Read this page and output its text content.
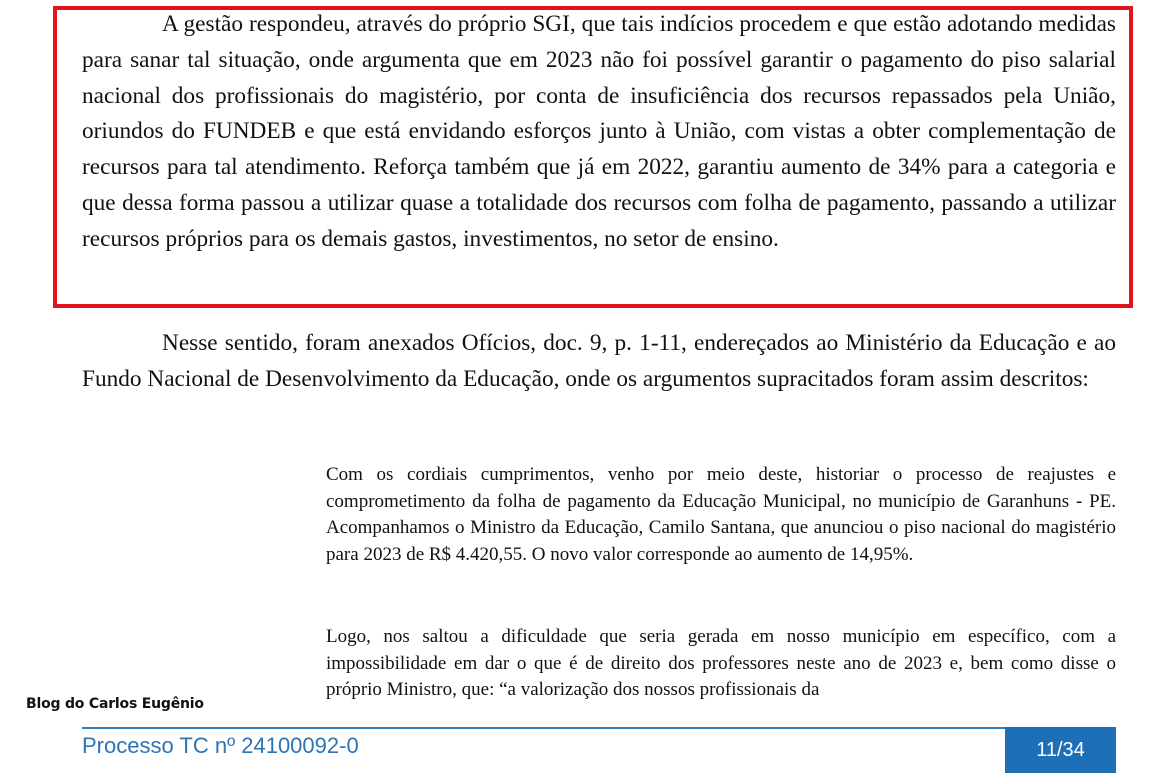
A gestão respondeu, através do próprio SGI, que tais indícios procedem e que estão adotando medidas para sanar tal situação, onde argumenta que em 2023 não foi possível garantir o pagamento do piso salarial nacional dos profissionais do magistério, por conta de insuficiência dos recursos repassados pela União, oriundos do FUNDEB e que está envidando esforços junto à União, com vistas a obter complementação de recursos para tal atendimento. Reforça também que já em 2022, garantiu aumento de 34% para a categoria e que dessa forma passou a utilizar quase a totalidade dos recursos com folha de pagamento, passando a utilizar recursos próprios para os demais gastos, investimentos, no setor de ensino.

Nesse sentido, foram anexados Ofícios, doc. 9, p. 1-11, endereçados ao Ministério da Educação e ao Fundo Nacional de Desenvolvimento da Educação, onde os argumentos supracitados foram assim descritos:

Com os cordiais cumprimentos, venho por meio deste, historiar o processo de reajustes e comprometimento da folha de pagamento da Educação Municipal, no município de Garanhuns - PE. Acompanhamos o Ministro da Educação, Camilo Santana, que anunciou o piso nacional do magistério para 2023 de R$ 4.420,55. O novo valor corresponde ao aumento de 14,95%.

Logo, nos saltou a dificuldade que seria gerada em nosso município em específico, com a impossibilidade em dar o que é de direito dos professores neste ano de 2023 e, bem como disse o próprio Ministro, que: “a valorização dos nossos profissionais da

Blog do Carlos Eugênio
Processo TC nº 24100092-0	11/34
